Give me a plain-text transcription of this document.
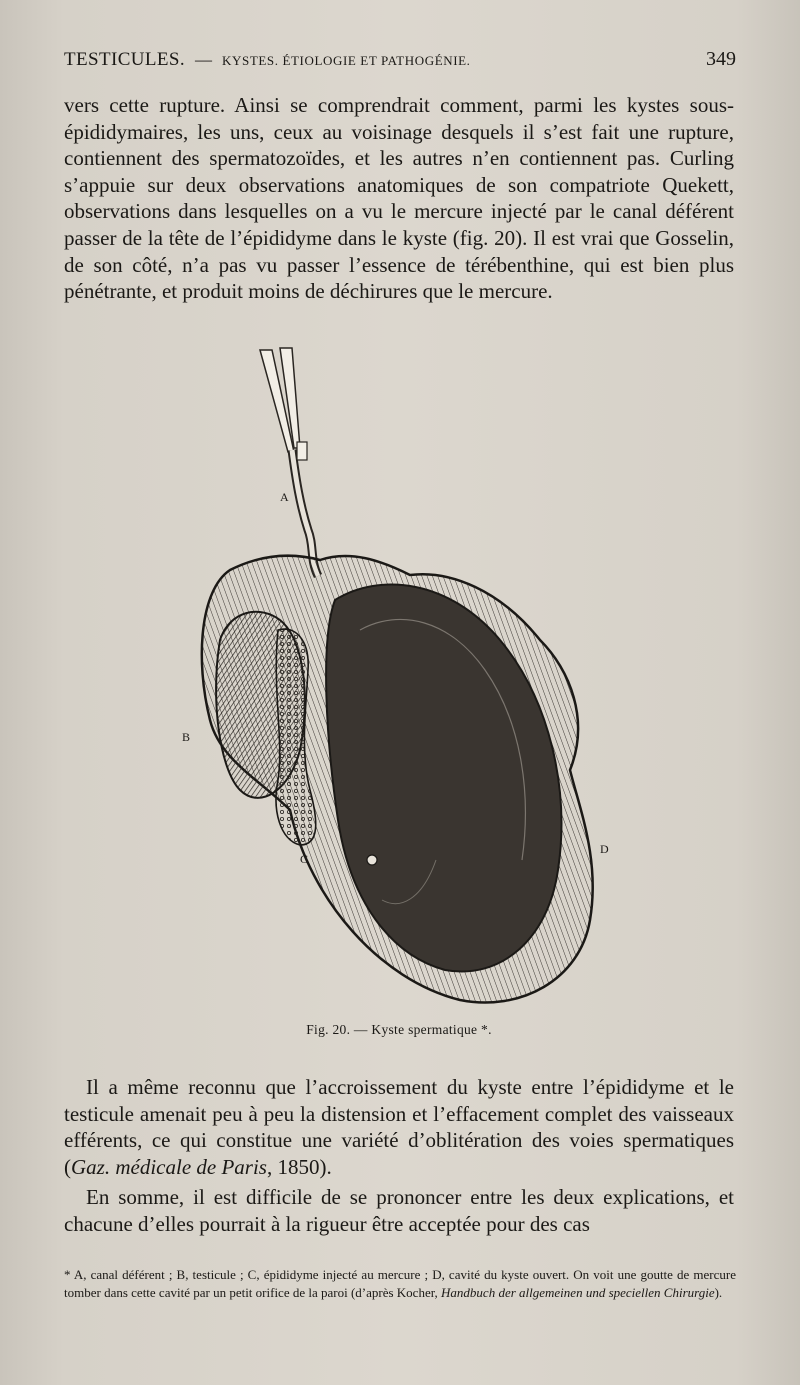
TESTICULES. — KYSTES. ÉTIOLOGIE ET PATHOGÉNIE.	349

vers cette rupture. Ainsi se comprendrait comment, parmi les kystes sous-épididymaires, les uns, ceux au voisinage desquels il s’est fait une rupture, contiennent des spermatozoïdes, et les autres n’en contiennent pas. Curling s’appuie sur deux observations anatomiques de son compatriote Quekett, observations dans lesquelles on a vu le mercure injecté par le canal déférent passer de la tête de l’épididyme dans le kyste (fig. 20). Il est vrai que Gosselin, de son côté, n’a pas vu passer l’essence de térébenthine, qui est bien plus pénétrante, et produit moins de déchirures que le mercure.

A
B
C
D
Fig. 20. — Kyste spermatique *.

Il a même reconnu que l’accroissement du kyste entre l’épididyme et le testicule amenait peu à peu la distension et l’effacement complet des vaisseaux efférents, ce qui constitue une variété d’oblitération des voies spermatiques (Gaz. médicale de Paris, 1850).

En somme, il est difficile de se prononcer entre les deux explications, et chacune d’elles pourrait à la rigueur être acceptée pour des cas

* A, canal déférent ; B, testicule ; C, épididyme injecté au mercure ; D, cavité du kyste ouvert. On voit une goutte de mercure tomber dans cette cavité par un petit orifice de la paroi (d’après Kocher, Handbuch der allgemeinen und speciellen Chirurgie).
